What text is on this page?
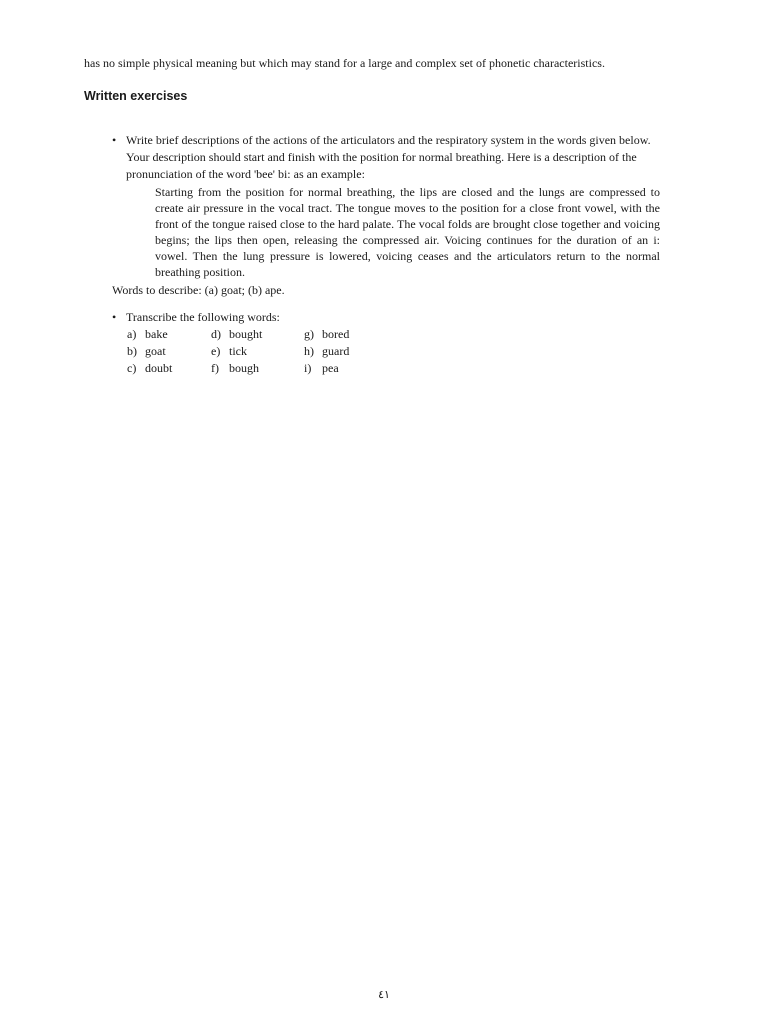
has no simple physical meaning but which may stand for a large and complex set of phonetic characteristics.
Written exercises
• Write brief descriptions of the actions of the articulators and the respiratory system in the words given below. Your description should start and finish with the position for normal breathing. Here is a description of the pronunciation of the word 'bee' bi: as an example:
Starting from the position for normal breathing, the lips are closed and the lungs are compressed to create air pressure in the vocal tract. The tongue moves to the position for a close front vowel, with the front of the tongue raised close to the hard palate. The vocal folds are brought close together and voicing begins; the lips then open, releasing the compressed air. Voicing continues for the duration of an i: vowel. Then the lung pressure is lowered, voicing ceases and the articulators return to the normal breathing position.
Words to describe: (a) goat; (b) ape.
• Transcribe the following words:
a) bake	d) bought	g) bored
b) goat	e) tick	h) guard
c) doubt	f) bough	i) pea
٤١
